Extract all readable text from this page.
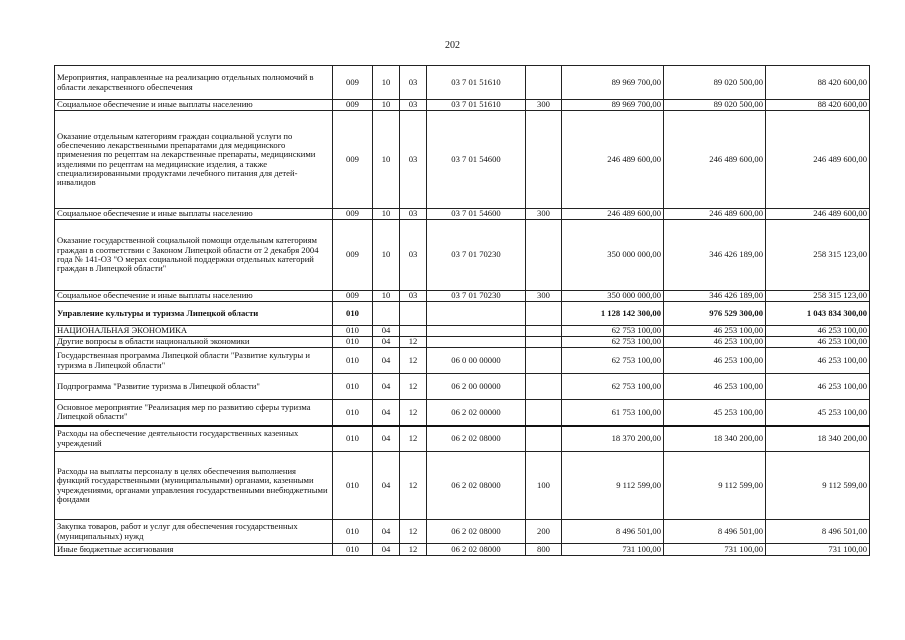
202
Мероприятия, направленные на реализацию отдельных полномочий в области лекарственного обеспечения	009	10	03	03 7 01 51610		89 969 700,00	89 020 500,00	88 420 600,00
Социальное обеспечение и иные выплаты населению	009	10	03	03 7 01 51610	300	89 969 700,00	89 020 500,00	88 420 600,00
Оказание отдельным категориям граждан социальной услуги по обеспечению лекарственными препаратами для медицинского применения по рецептам на лекарственные препараты, медицинскими изделиями по рецептам на медицинские изделия, а также специализированными продуктами лечебного питания для детей-инвалидов	009	10	03	03 7 01 54600		246 489 600,00	246 489 600,00	246 489 600,00
Социальное обеспечение и иные выплаты населению	009	10	03	03 7 01 54600	300	246 489 600,00	246 489 600,00	246 489 600,00
Оказание государственной социальной помощи отдельным категориям граждан в соответствии с Законом Липецкой области от 2 декабря 2004 года № 141-ОЗ "О мерах социальной поддержки отдельных категорий граждан в Липецкой области"	009	10	03	03 7 01 70230		350 000 000,00	346 426 189,00	258 315 123,00
Социальное обеспечение и иные выплаты населению	009	10	03	03 7 01 70230	300	350 000 000,00	346 426 189,00	258 315 123,00
Управление культуры и туризма Липецкой области	010					1 128 142 300,00	976 529 300,00	1 043 834 300,00
НАЦИОНАЛЬНАЯ ЭКОНОМИКА	010	04				62 753 100,00	46 253 100,00	46 253 100,00
Другие вопросы в области национальной экономики	010	04	12			62 753 100,00	46 253 100,00	46 253 100,00
Государственная программа Липецкой области "Развитие культуры и туризма в Липецкой области"	010	04	12	06 0 00 00000		62 753 100,00	46 253 100,00	46 253 100,00
Подпрограмма "Развитие туризма в Липецкой области"	010	04	12	06 2 00 00000		62 753 100,00	46 253 100,00	46 253 100,00
Основное мероприятие "Реализация мер по развитию сферы туризма Липецкой области"	010	04	12	06 2 02 00000		61 753 100,00	45 253 100,00	45 253 100,00
Расходы на обеспечение деятельности государственных казенных учреждений	010	04	12	06 2 02 08000		18 370 200,00	18 340 200,00	18 340 200,00
Расходы на выплаты персоналу в целях обеспечения выполнения функций государственными (муниципальными) органами, казенными учреждениями, органами управления государственными внебюджетными фондами	010	04	12	06 2 02 08000	100	9 112 599,00	9 112 599,00	9 112 599,00
Закупка товаров, работ и услуг для обеспечения государственных (муниципальных) нужд	010	04	12	06 2 02 08000	200	8 496 501,00	8 496 501,00	8 496 501,00
Иные бюджетные ассигнования	010	04	12	06 2 02 08000	800	731 100,00	731 100,00	731 100,00
